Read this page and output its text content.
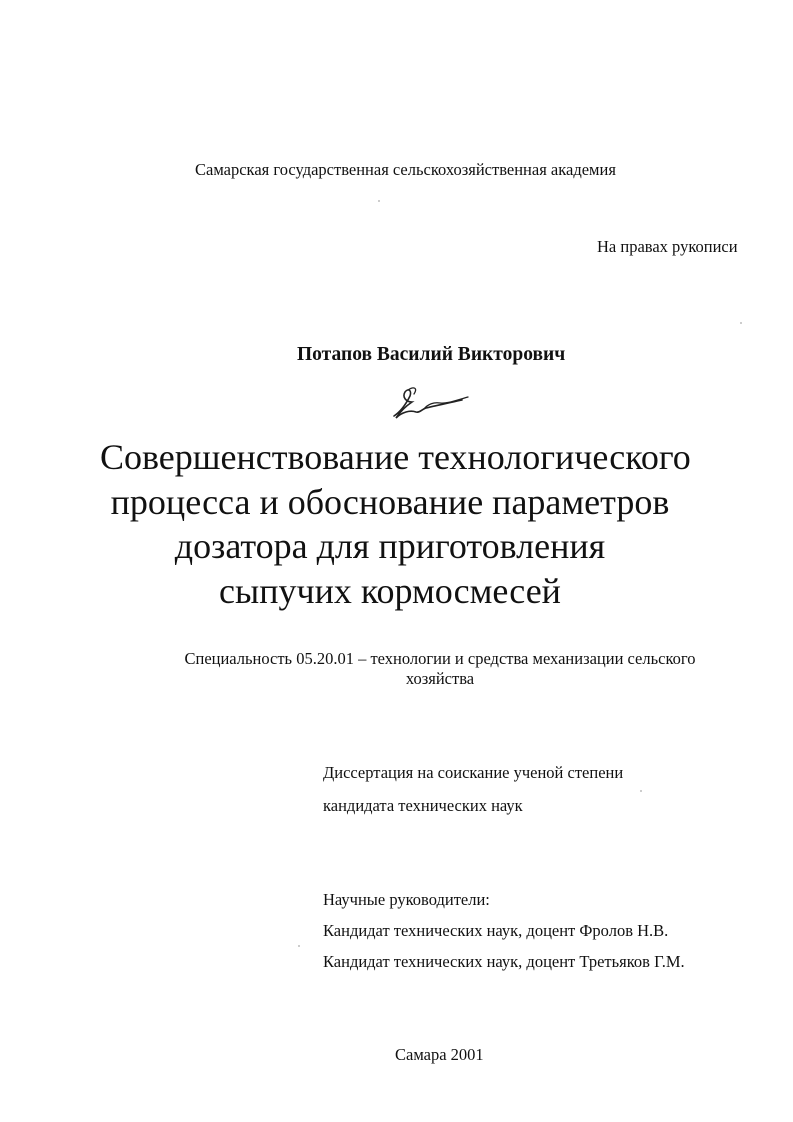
Самарская государственная сельскохозяйственная академия
На правах рукописи
Потапов Василий Викторович
Совершенствование технологического
процесса и обоснование параметров
дозатора для приготовления
сыпучих кормосмесей
Специальность 05.20.01 – технологии и средства механизации сельского
хозяйства
Диссертация на соискание ученой степени
кандидата технических наук
Научные руководители:
Кандидат технических наук, доцент Фролов Н.В.
Кандидат технических наук, доцент Третьяков Г.М.
Самара 2001
